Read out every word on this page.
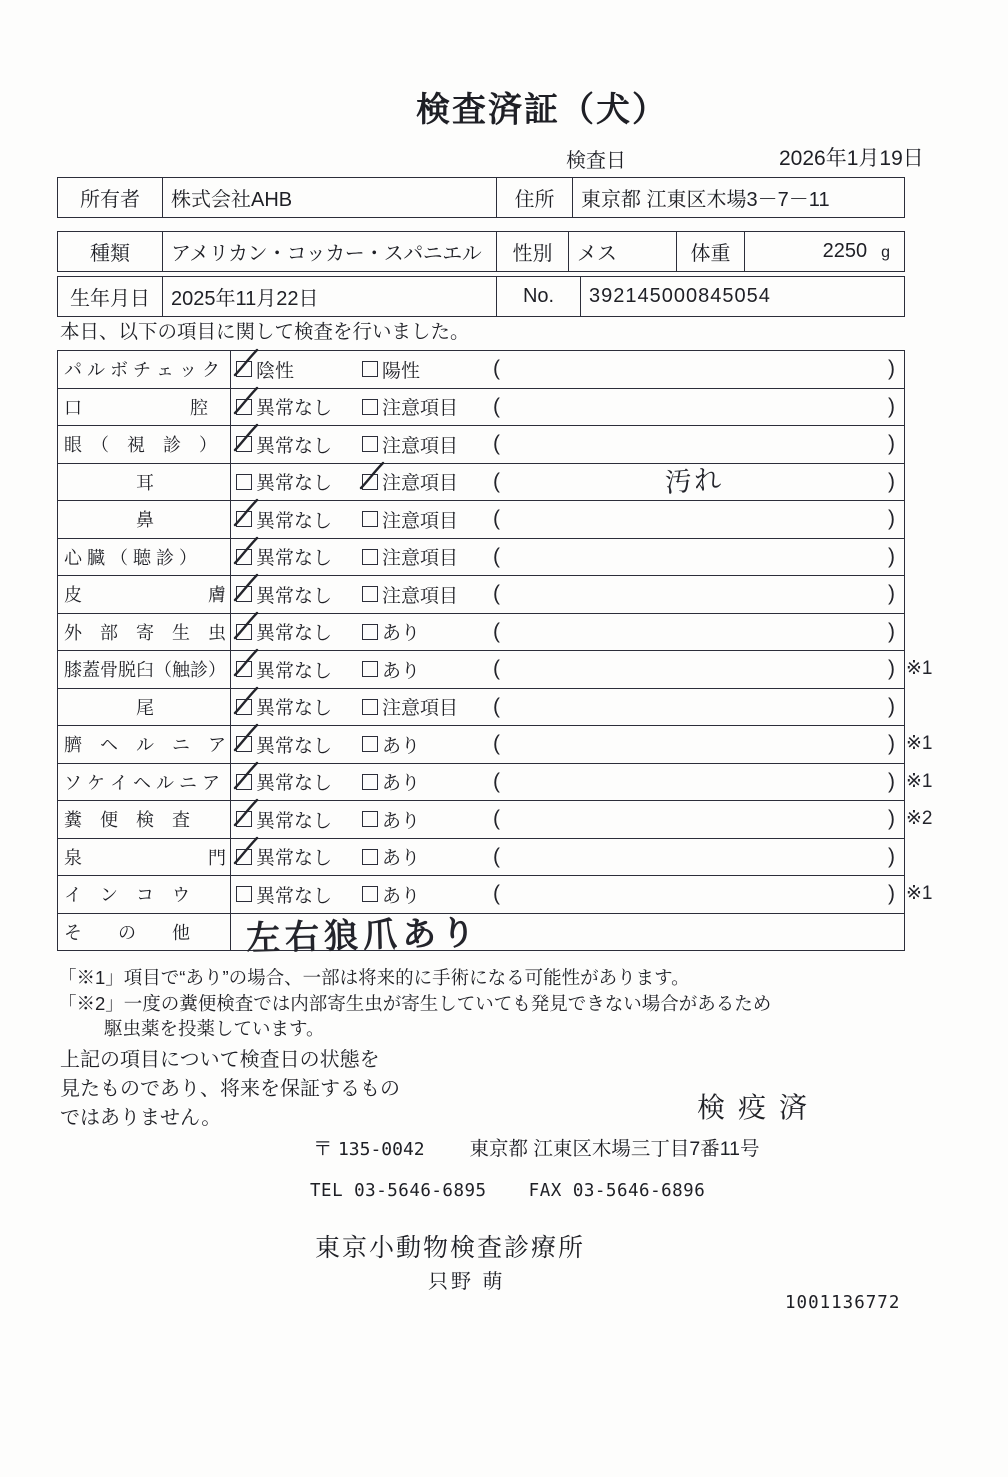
検査済証（犬）
検査日	2026年1月19日
所有者	株式会社AHB	住所	東京都 江東区木場3－7－11
種類	アメリカン・コッカー・スパニエル	性別	メス	体重	2250 g
生年月日	2025年11月22日	No.	392145000845054

本日、以下の項目に関して検査を行いました。

パ ル ボ チ ェ ッ ク	陰性	陽性	(	)
口　　　　　　腔	異常なし	注意項目 (	)
眼　（　視　診　）	異常なし	注意項目 (	)
　　　　耳	異常なし	注意項目 (	汚れ	)
　　　　鼻	異常なし	注意項目 (	)
心 臓 （ 聴 診 ）	異常なし	注意項目 (	)
皮　　　　　　　膚 異常なし	注意項目 (	)
外　部　寄　生　虫 異常なし	あり	(	)
膝蓋骨脱臼（触診） 異常なし	あり	(	) ※1
　　　　尾	異常なし	注意項目 (	)
臍　ヘ　ル　ニ　ア 異常なし	あり	(	) ※1
ソ ケ イ ヘ ル ニ ア	異常なし	あり	(	) ※1
糞　便　検　査	異常なし	あり	(	) ※2
泉　　　　　　　門 異常なし	あり	(	)
イ　ン　コ　ウ	異常なし	あり	(	) ※1
そ　　の　　他	左右狼爪あり
「※1」項目で“あり”の場合、一部は将来的に手術になる可能性があります。
「※2」一度の糞便検査では内部寄生虫が寄生していても発見できない場合があるため
駆虫薬を投薬しています。
上記の項目について検査日の状態を
見たものであり、将来を保証するもの
ではありません。	検疫済
〒 135-0042 東京都 江東区木場三丁目7番11号
TEL 03-5646-6895 FAX 03-5646-6896
東京小動物検査診療所
只野 萌
1001136772
